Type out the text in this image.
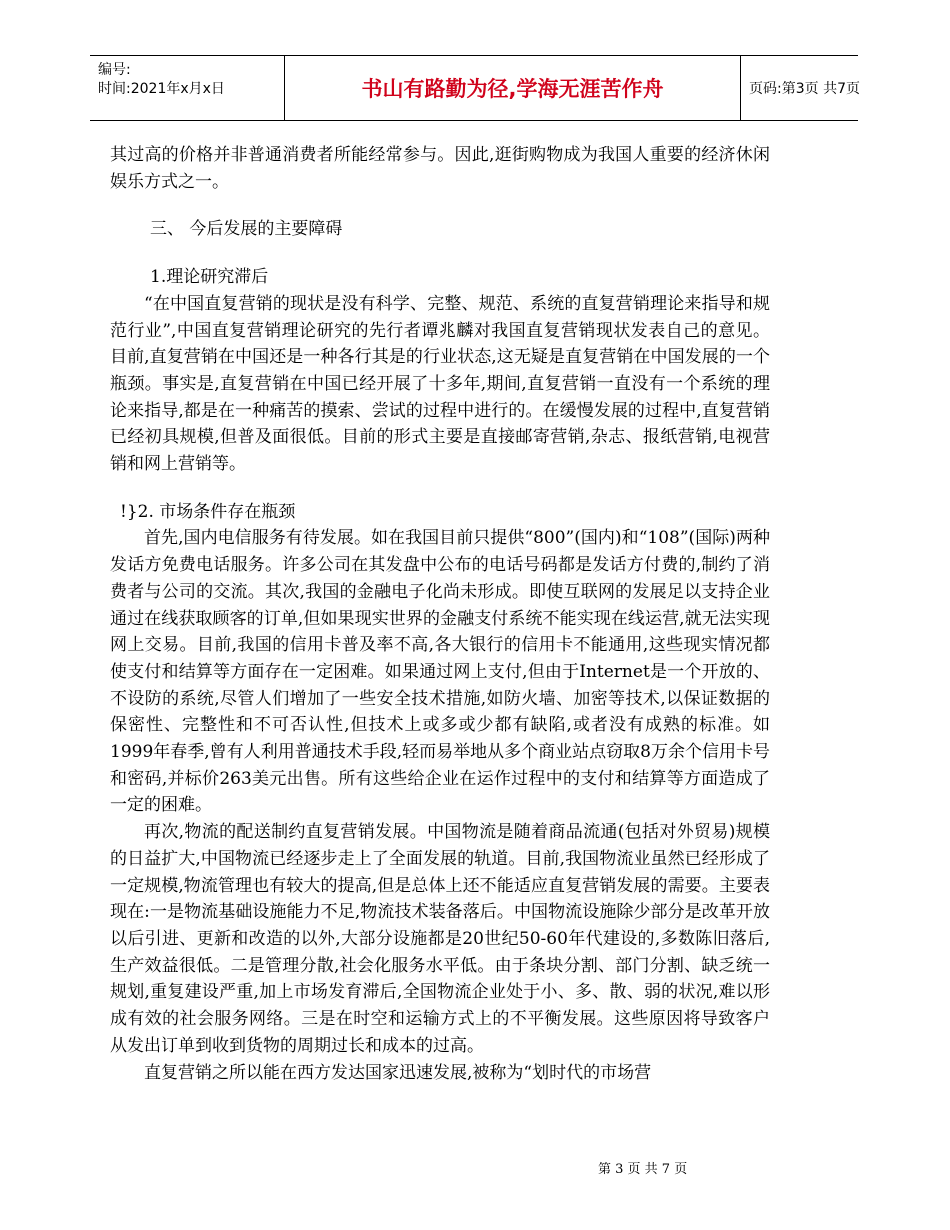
编号:
时间:2021年x月x日	书山有路勤为径,学海无涯苦作舟	页码:第3页 共7页

其过高的价格并非普通消费者所能经常参与。因此,逛街购物成为我国人重要的经济休闲娱乐方式之一。

三、 今后发展的主要障碍

1.理论研究滞后

“在中国直复营销的现状是没有科学、完整、规范、系统的直复营销理论来指导和规范行业”,中国直复营销理论研究的先行者谭兆麟对我国直复营销现状发表自己的意见。目前,直复营销在中国还是一种各行其是的行业状态,这无疑是直复营销在中国发展的一个瓶颈。事实是,直复营销在中国已经开展了十多年,期间,直复营销一直没有一个系统的理论来指导,都是在一种痛苦的摸索、尝试的过程中进行的。在缓慢发展的过程中,直复营销已经初具规模,但普及面很低。目前的形式主要是直接邮寄营销,杂志、报纸营销,电视营销和网上营销等。

!}2. 市场条件存在瓶颈

首先,国内电信服务有待发展。如在我国目前只提供“800”(国内)和“108”(国际)两种发话方免费电话服务。许多公司在其发盘中公布的电话号码都是发话方付费的,制约了消费者与公司的交流。其次,我国的金融电子化尚未形成。即使互联网的发展足以支持企业通过在线获取顾客的订单,但如果现实世界的金融支付系统不能实现在线运营,就无法实现网上交易。目前,我国的信用卡普及率不高,各大银行的信用卡不能通用,这些现实情况都使支付和结算等方面存在一定困难。如果通过网上支付,但由于Internet是一个开放的、不设防的系统,尽管人们增加了一些安全技术措施,如防火墙、加密等技术,以保证数据的保密性、完整性和不可否认性,但技术上或多或少都有缺陷,或者没有成熟的标准。如1999年春季,曾有人利用普通技术手段,轻而易举地从多个商业站点窃取8万余个信用卡号和密码,并标价263美元出售。所有这些给企业在运作过程中的支付和结算等方面造成了一定的困难。

再次,物流的配送制约直复营销发展。中国物流是随着商品流通(包括对外贸易)规模的日益扩大,中国物流已经逐步走上了全面发展的轨道。目前,我国物流业虽然已经形成了一定规模,物流管理也有较大的提高,但是总体上还不能适应直复营销发展的需要。主要表现在:一是物流基础设施能力不足,物流技术装备落后。中国物流设施除少部分是改革开放以后引进、更新和改造的以外,大部分设施都是20世纪50-60年代建设的,多数陈旧落后,生产效益很低。二是管理分散,社会化服务水平低。由于条块分割、部门分割、缺乏统一规划,重复建设严重,加上市场发育滞后,全国物流企业处于小、多、散、弱的状况,难以形成有效的社会服务网络。三是在时空和运输方式上的不平衡发展。这些原因将导致客户从发出订单到收到货物的周期过长和成本的过高。

直复营销之所以能在西方发达国家迅速发展,被称为“划时代的市场营

第 3 页 共 7 页
